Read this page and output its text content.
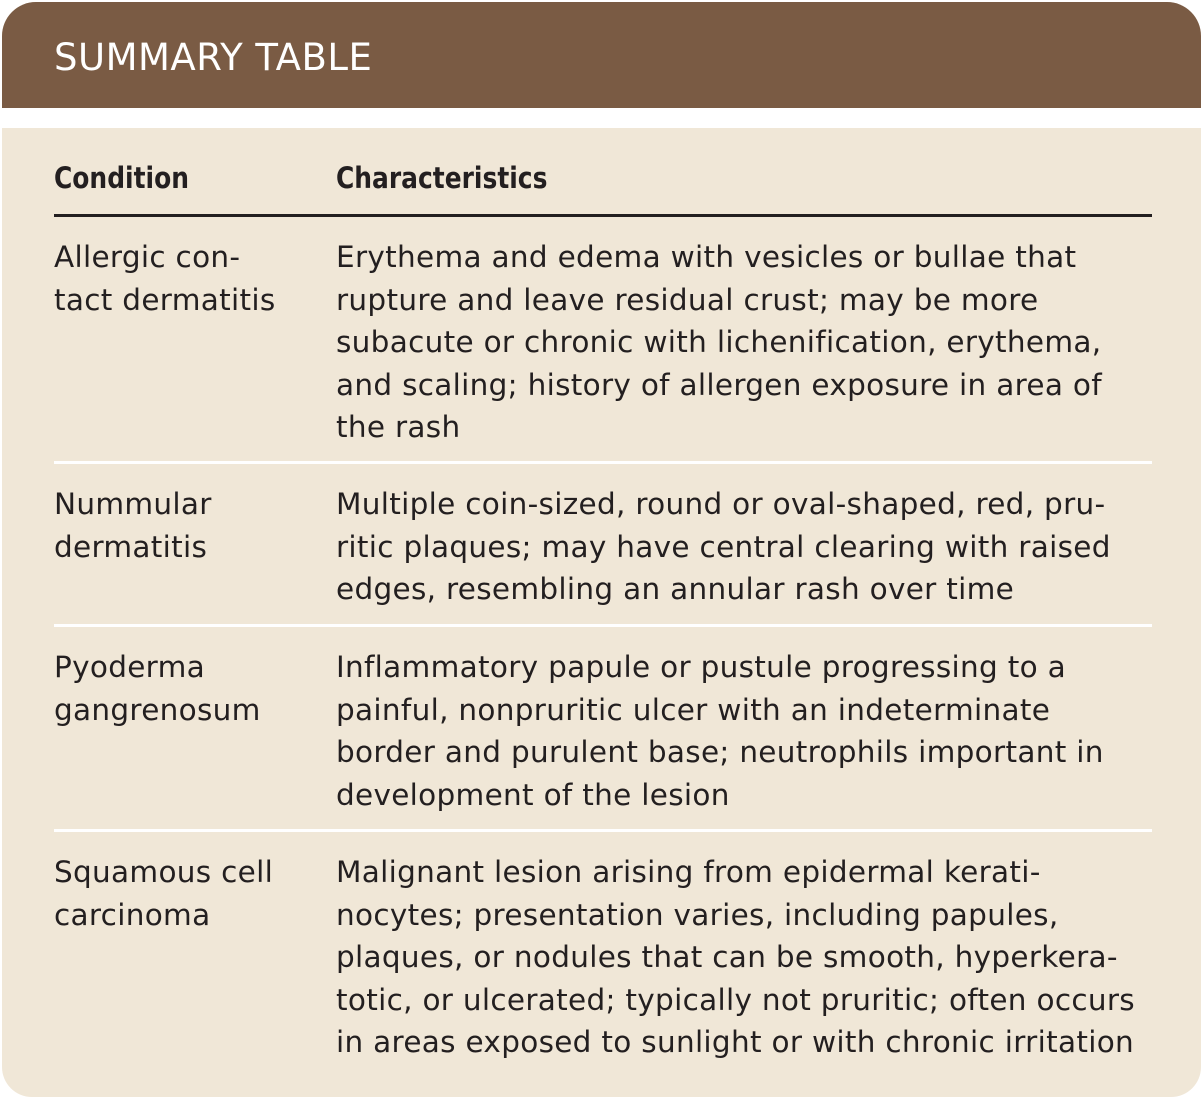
SUMMARY TABLE
Condition	Characteristics
Allergic con-
tact dermatitis
Erythema and edema with vesicles or bullae that
rupture and leave residual crust; may be more
subacute or chronic with lichenification, erythema,
and scaling; history of allergen exposure in area of
the rash
Nummular
dermatitis
Multiple coin-sized, round or oval-shaped, red, pru-
ritic plaques; may have central clearing with raised
edges, resembling an annular rash over time
Pyoderma
gangrenosum
Inflammatory papule or pustule progressing to a
painful, nonpruritic ulcer with an indeterminate
border and purulent base; neutrophils important in
development of the lesion
Squamous cell
carcinoma
Malignant lesion arising from epidermal kerati-
nocytes; presentation varies, including papules,
plaques, or nodules that can be smooth, hyperkera-
totic, or ulcerated; typically not pruritic; often occurs
in areas exposed to sunlight or with chronic irritation
